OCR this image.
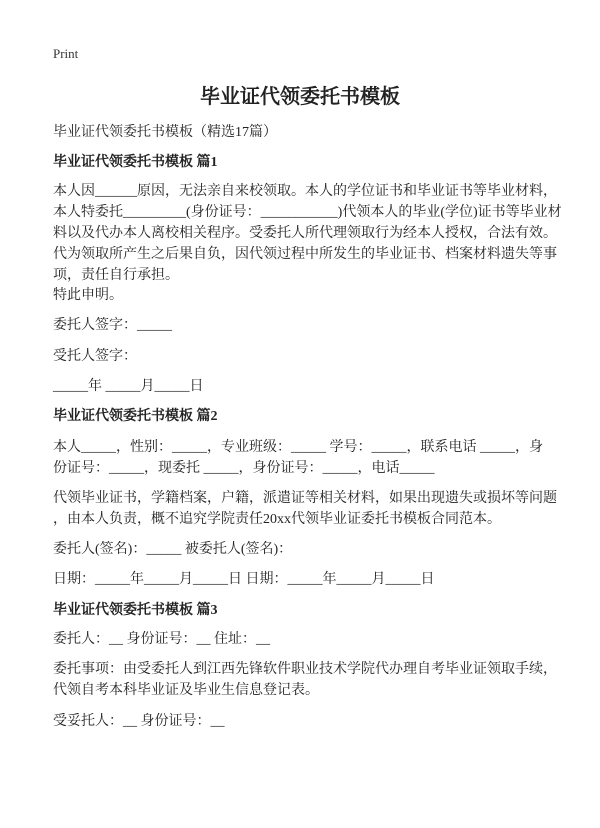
Print
毕业证代领委托书模板
毕业证代领委托书模板（精选17篇）
毕业证代领委托书模板 篇1
本人因______原因，无法亲自来校领取。本人的学位证书和毕业证书等毕业材料，
本人特委托_________(身份证号：___________)代领本人的毕业(学位)证书等毕业材
料以及代办本人离校相关程序。受委托人所代理领取行为经本人授权，合法有效。
代为领取所产生之后果自负，因代领过程中所发生的毕业证书、档案材料遗失等事
项，责任自行承担。
特此申明。
委托人签字：_____
受托人签字：
_____年 _____月_____日
毕业证代领委托书模板 篇2
本人_____，性别：_____，专业班级：_____ 学号：_____，联系电话 _____，身
份证号：_____，现委托 _____，身份证号：_____，电话_____
代领毕业证书，学籍档案，户籍，派遣证等相关材料，如果出现遗失或损坏等问题
，由本人负责，概不追究学院责任20xx代领毕业证委托书模板合同范本。
委托人(签名)：_____ 被委托人(签名)：
日期：_____年_____月_____日 日期：_____年_____月_____日
毕业证代领委托书模板 篇3
委托人：__ 身份证号：__ 住址：__
委托事项：由受委托人到江西先锋软件职业技术学院代办理自考毕业证领取手续，
代领自考本科毕业证及毕业生信息登记表。
受妥托人：__ 身份证号：__
